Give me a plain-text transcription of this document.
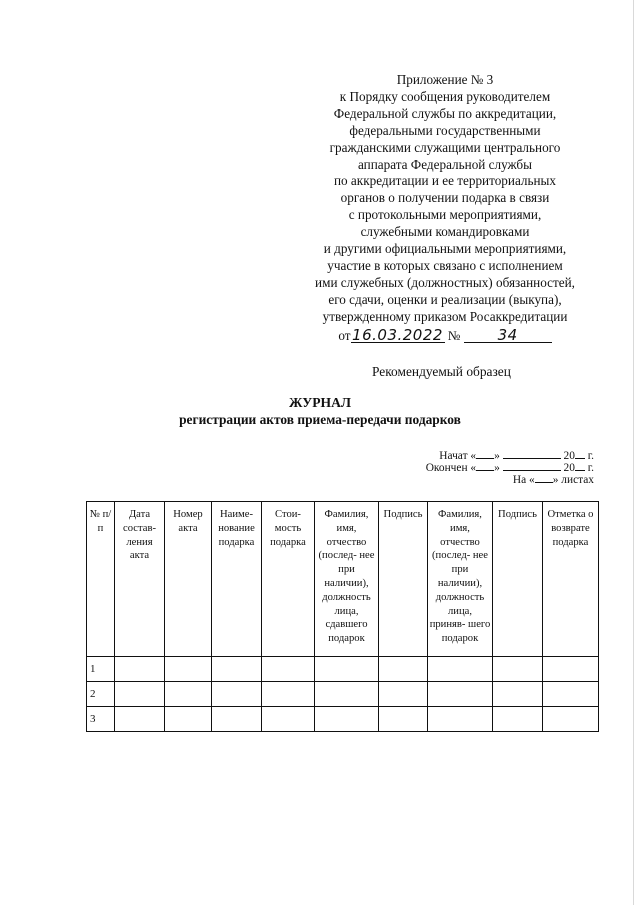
Приложение № 3
к Порядку сообщения руководителем
Федеральной службы по аккредитации,
федеральными государственными
гражданскими служащими центрального
аппарата Федеральной службы
по аккредитации и ее территориальных
органов о получении подарка в связи
с протокольными мероприятиями,
служебными командировками
и другими официальными мероприятиями,
участие в которых связано с исполнением
ими служебных (должностных) обязанностей,
его сдачи, оценки и реализации (выкупа),
утвержденному приказом Росаккредитации
от 16.03.2022 № 34
Рекомендуемый образец
ЖУРНАЛ
регистрации актов приема-передачи подарков
Начат « »	20 г.
Окончен « »	20 г.
На « » листах
№ п/п	Дата состав- ления акта	Номер акта	Наиме- нование подарка	Стои- мость подарка	Фамилия, имя, отчество (послед- нее при наличии), должность лица, сдавшего подарок	Подпись	Фамилия, имя, отчество (послед- нее при наличии), должность лица, приняв- шего подарок	Подпись	Отметка о возврате подарка
1									
2									
3									
